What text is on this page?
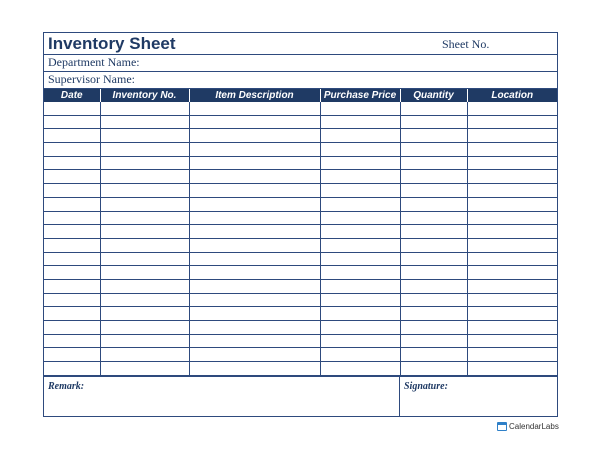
Inventory Sheet	Sheet No.
Department Name:
Supervisor Name:
Date	Inventory No.	Item Description	Purchase Price	Quantity	Location

Remark:	Signature:
CalendarLabs
